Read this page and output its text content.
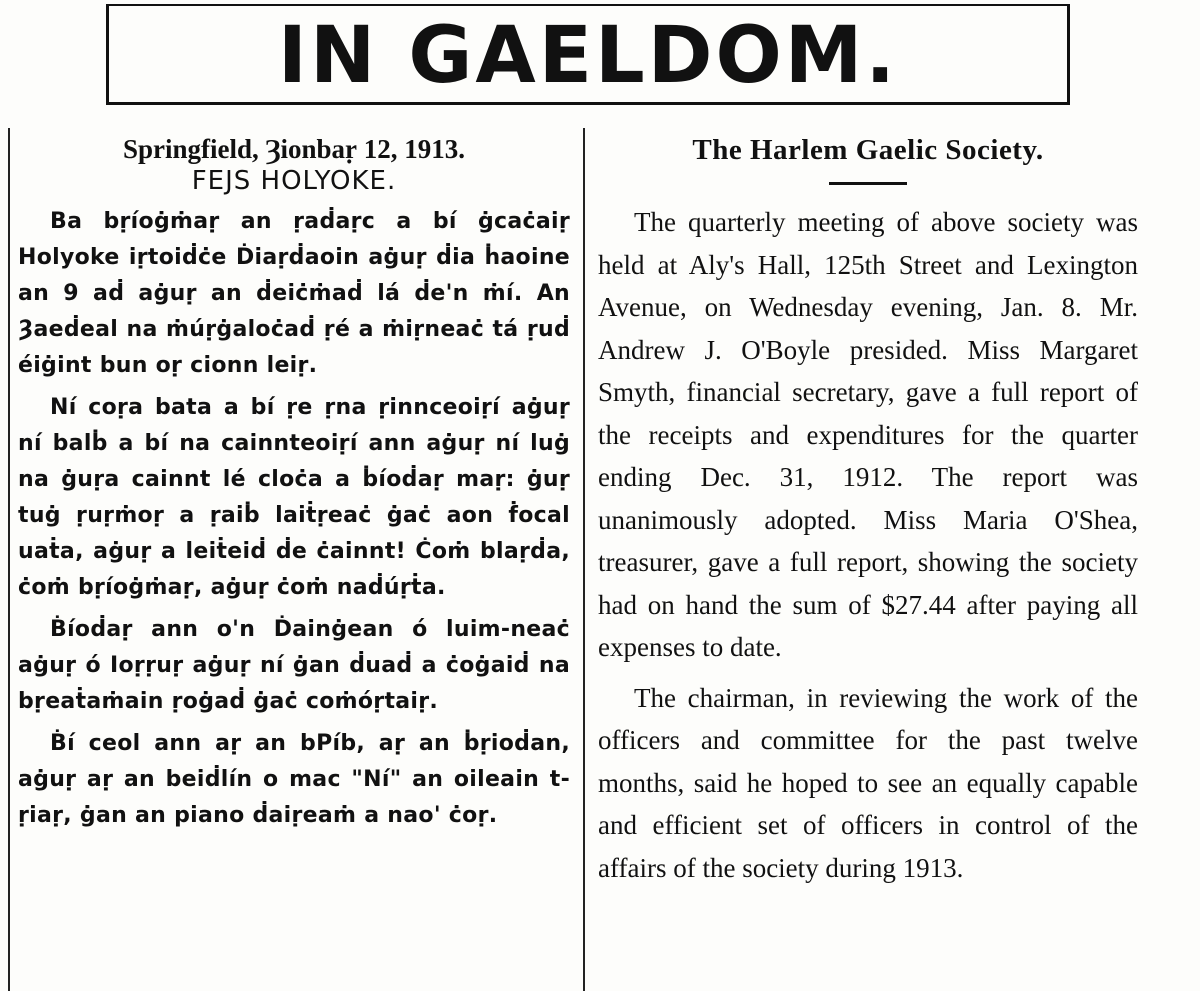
IN GAELDOM.
Springfield, Ȝionbaṛ 12, 1913.
FEJS HOLYOKE.

Ba bṛíoġṁaṛ an ṛaḋaṛc a bí ġcaċaiṛ Holyoke iṛtoiḋċe Ḋiaṛḋaoin aġuṛ ḋia ḣaoine an 9 aḋ aġuṛ an ḋeiċṁaḋ lá ḋe'n ṁí. An Ȝaeḋeal na ṁúṛġaloċaḋ ṛé a ṁiṛneaċ tá ṛuḋ éiġint bun oṛ cionn leiṛ.

Ní coṛa bata a bí ṛe ṛna ṛinnceoiṛí aġuṛ ní balḃ a bí na cainnteoiṛí ann aġuṛ ní luġ na ġuṛa cainnt lé cloċa a ḃíoḋaṛ maṛ: ġuṛ tuġ ṛuṛṁoṛ a ṛaiḃ laiṫṛeaċ ġaċ aon ḟocal uaṫa, aġuṛ a leiṫeiḋ ḋe ċainnt! Ċoṁ blaṛḋa, ċoṁ bṛíoġṁaṛ, aġuṛ ċoṁ naḋúṛṫa.

Ḃíoḋaṛ ann o'n Ḋainġean ó luim-neaċ aġuṛ ó Ioṛṛuṛ aġuṛ ní ġan ḋuaḋ a ċoġaiḋ na bṛeaṫaṁain ṛoġaḋ ġaċ coṁóṛtaiṛ.

Ḃí ceol ann aṛ an bPíb, aṛ an ḃṛioḋan, aġuṛ aṛ an beiḋlín o mac "Ní" an oileain t-ṛiaṛ, ġan an piano ḋaiṛeaṁ a nao' ċoṛ.

The Harlem Gaelic Society.

The quarterly meeting of above society was held at Aly's Hall, 125th Street and Lexington Avenue, on Wednesday evening, Jan. 8. Mr. Andrew J. O'Boyle presided. Miss Margaret Smyth, financial secretary, gave a full report of the receipts and expenditures for the quarter ending Dec. 31, 1912. The report was unanimously adopted. Miss Maria O'Shea, treasurer, gave a full report, showing the society had on hand the sum of $27.44 after paying all expenses to date.

The chairman, in reviewing the work of the officers and committee for the past twelve months, said he hoped to see an equally capable and efficient set of officers in control of the affairs of the society during 1913.
